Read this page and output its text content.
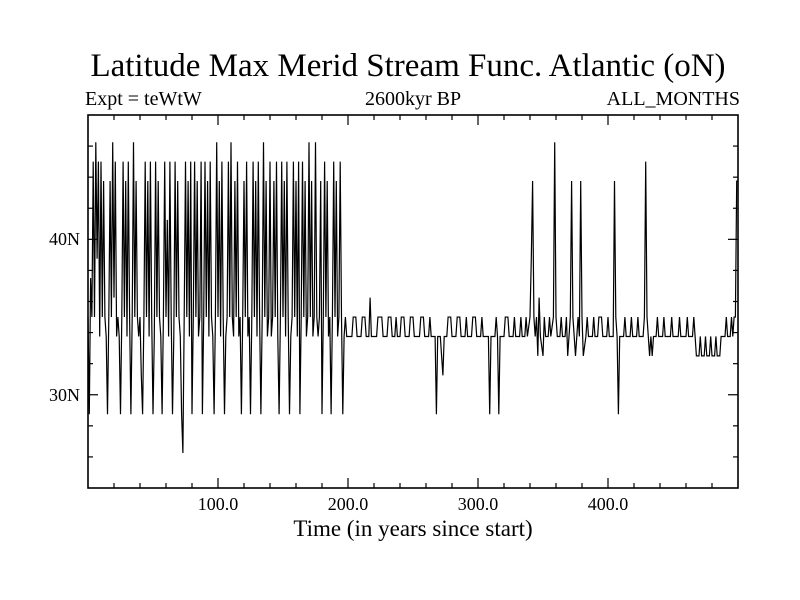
Latitude Max Merid Stream Func. Atlantic (oN)
Expt = teWtW	2600kyr BP	ALL_MONTHS
40N
30N
100.0	200.0	300.0	400.0
Time (in years since start)
